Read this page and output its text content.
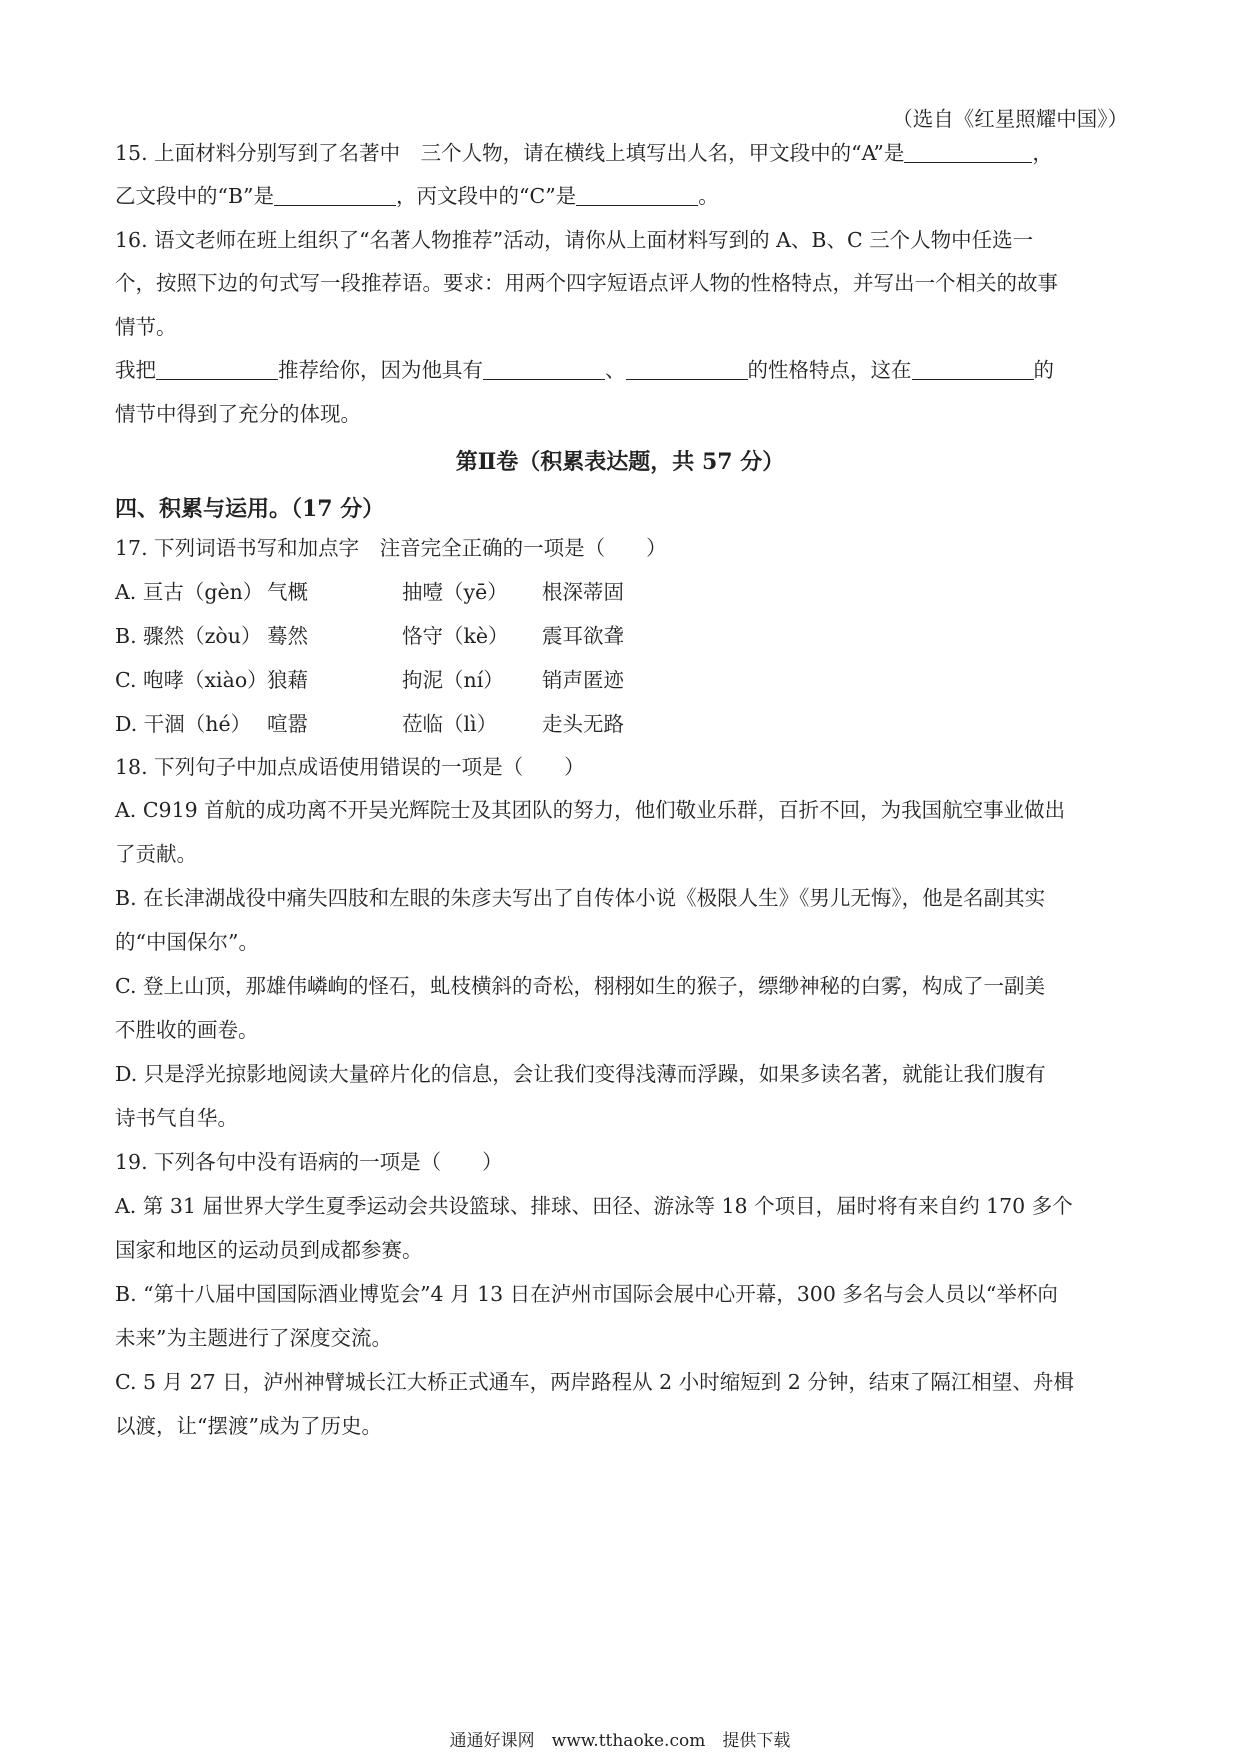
（选自《红星照耀中国》）
15. 上面材料分别写到了名著中　三个人物，请在横线上填写出人名，甲文段中的“A”是	，
乙文段中的“B”是	，丙文段中的“C”是	。
16. 语文老师在班上组织了“名著人物推荐”活动，请你从上面材料写到的 A、B、C 三个人物中任选一
个，按照下边的句式写一段推荐语。要求：用两个四字短语点评人物的性格特点，并写出一个相关的故事
情节。
我把	推荐给你，因为他具有	、	的性格特点，这在	的
情节中得到了充分的体现。
第Ⅱ卷（积累表达题，共 57 分）
四、积累与运用。（17 分）
17. 下列词语书写和加点字　注音完全正确的一项是（　　）
A. 亘古（gèn） 气概	抽噎（yē） 根深蒂固
B. 骤然（zòu） 蓦然	恪守（kè） 震耳欲聋
C. 咆哮（xiào）狼藉	拘泥（ní） 销声匿迹
D. 干涸（hé） 喧嚣	莅临（lì） 走头无路
18. 下列句子中加点成语使用错误的一项是（　　）
A. C919 首航的成功离不开吴光辉院士及其团队的努力，他们敬业乐群，百折不回，为我国航空事业做出
了贡献。
B. 在长津湖战役中痛失四肢和左眼的朱彦夫写出了自传体小说《极限人生》《男儿无悔》，他是名副其实
的“中国保尔”。
C. 登上山顶，那雄伟嶙峋的怪石，虬枝横斜的奇松，栩栩如生的猴子，缥缈神秘的白雾，构成了一副美
不胜收的画卷。
D. 只是浮光掠影地阅读大量碎片化的信息，会让我们变得浅薄而浮躁，如果多读名著，就能让我们腹有
诗书气自华。
19. 下列各句中没有语病的一项是（　　）
A. 第 31 届世界大学生夏季运动会共设篮球、排球、田径、游泳等 18 个项目，届时将有来自约 170 多个
国家和地区的运动员到成都参赛。
B. “第十八届中国国际酒业博览会”4 月 13 日在泸州市国际会展中心开幕，300 多名与会人员以“举杯向
未来”为主题进行了深度交流。
C. 5 月 27 日，泸州神臂城长江大桥正式通车，两岸路程从 2 小时缩短到 2 分钟，结束了隔江相望、舟楫
以渡，让“摆渡”成为了历史。
通通好课网　www.tthaoke.com　提供下载
